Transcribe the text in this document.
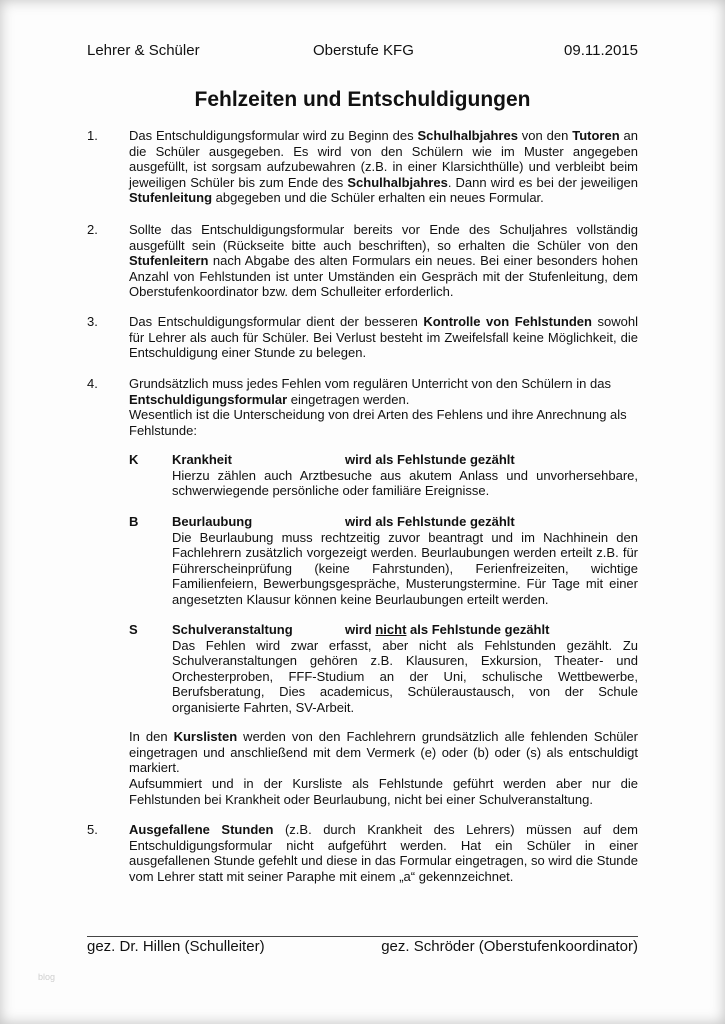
Lehrer & Schüler	Oberstufe KFG	09.11.2015
Fehlzeiten und Entschuldigungen
1. Das Entschuldigungsformular wird zu Beginn des Schulhalbjahres von den Tutoren an die Schüler ausgegeben. Es wird von den Schülern wie im Muster angegeben ausgefüllt, ist sorgsam aufzubewahren (z.B. in einer Klarsichthülle) und verbleibt beim jeweiligen Schüler bis zum Ende des Schulhalbjahres. Dann wird es bei der jeweiligen Stufenleitung abgegeben und die Schüler erhalten ein neues Formular.
2. Sollte das Entschuldigungsformular bereits vor Ende des Schuljahres vollständig ausgefüllt sein (Rückseite bitte auch beschriften), so erhalten die Schüler von den Stufenleitern nach Abgabe des alten Formulars ein neues. Bei einer besonders hohen Anzahl von Fehlstunden ist unter Umständen ein Gespräch mit der Stufenleitung, dem Oberstufenkoordinator bzw. dem Schulleiter erforderlich.
3. Das Entschuldigungsformular dient der besseren Kontrolle von Fehlstunden sowohl für Lehrer als auch für Schüler. Bei Verlust besteht im Zweifelsfall keine Möglichkeit, die Entschuldigung einer Stunde zu belegen.
4. Grundsätzlich muss jedes Fehlen vom regulären Unterricht von den Schülern in das
Entschuldigungsformular eingetragen werden.
Wesentlich ist die Unterscheidung von drei Arten des Fehlens und ihre Anrechnung als Fehlstunde:
K	Krankheit	wird als Fehlstunde gezählt
Hierzu zählen auch Arztbesuche aus akutem Anlass und unvorhersehbare, schwerwiegende persönliche oder familiäre Ereignisse.
B	Beurlaubung	wird als Fehlstunde gezählt
Die Beurlaubung muss rechtzeitig zuvor beantragt und im Nachhinein den Fachlehrern zusätzlich vorgezeigt werden. Beurlaubungen werden erteilt z.B. für Führerscheinprüfung (keine Fahrstunden), Ferienfreizeiten, wichtige Familienfeiern, Bewerbungsgespräche, Musterungstermine. Für Tage mit einer angesetzten Klausur können keine Beurlaubungen erteilt werden.
S	Schulveranstaltung	wird nicht als Fehlstunde gezählt
Das Fehlen wird zwar erfasst, aber nicht als Fehlstunden gezählt. Zu Schulveranstaltungen gehören z.B. Klausuren, Exkursion, Theater- und Orchesterproben, FFF-Studium an der Uni, schulische Wettbewerbe, Berufsberatung, Dies academicus, Schüleraustausch, von der Schule organisierte Fahrten, SV-Arbeit.
In den Kurslisten werden von den Fachlehrern grundsätzlich alle fehlenden Schüler eingetragen und anschließend mit dem Vermerk (e) oder (b) oder (s) als entschuldigt markiert.
Aufsummiert und in der Kursliste als Fehlstunde geführt werden aber nur die Fehlstunden bei Krankheit oder Beurlaubung, nicht bei einer Schulveranstaltung.
5. Ausgefallene Stunden (z.B. durch Krankheit des Lehrers) müssen auf dem Entschuldigungsformular nicht aufgeführt werden. Hat ein Schüler in einer ausgefallenen Stunde gefehlt und diese in das Formular eingetragen, so wird die Stunde vom Lehrer statt mit seiner Paraphe mit einem „a“ gekennzeichnet.
gez. Dr. Hillen (Schulleiter)	gez. Schröder (Oberstufenkoordinator)
blog
